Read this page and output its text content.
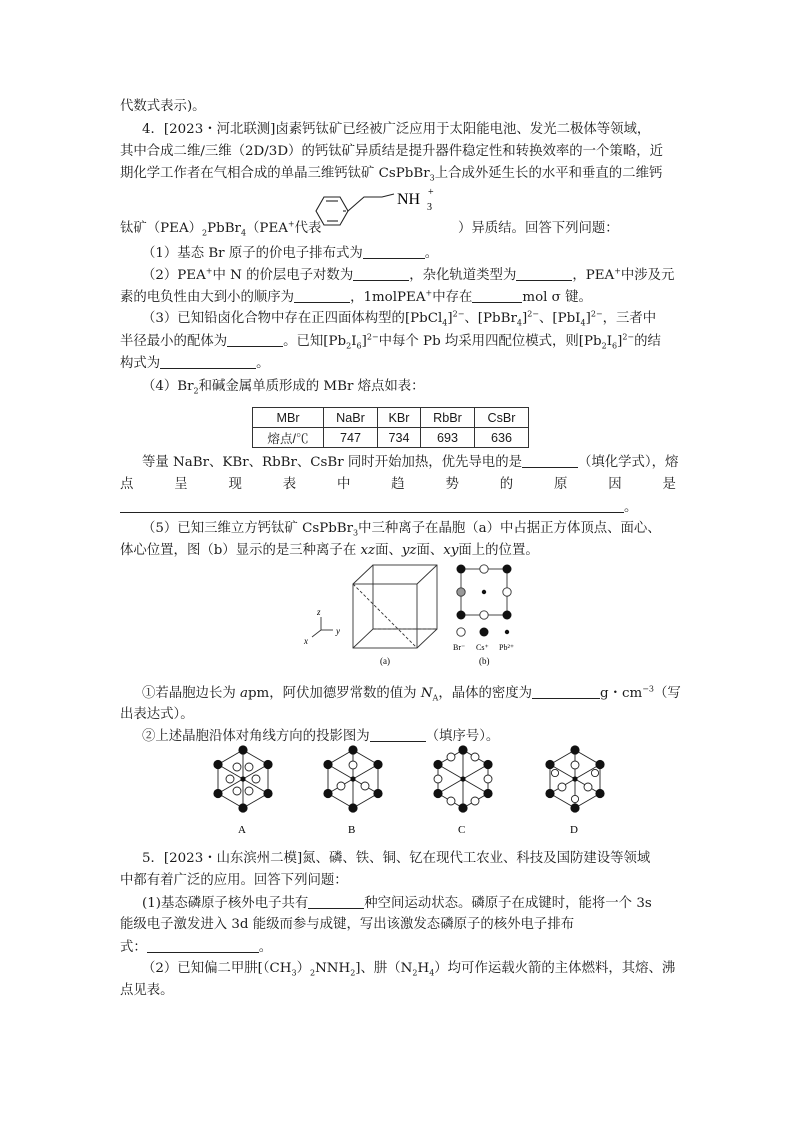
代数式表示)。
4．[2023・河北联测]卤素钙钛矿已经被广泛应用于太阳能电池、发光二极体等领域，
其中合成二维/三维（2D/3D）的钙钛矿异质结是提升器件稳定性和转换效率的一个策略，近
期化学工作者在气相合成的单晶三维钙钛矿 CsPbBr$_3$上合成外延生长的水平和垂直的二维钙
钛矿$(PEA)_2PbBr_4(PEA^+$代表
NH 3
+
）异质结。回答下列问题：
（1）基态 Br 原子的价电子排布式为	。
（2）PEA+中 N 的价层电子对数为	，杂化轨道类型为	，PEA+中涉及元
素的电负性由大到小的顺序为	，1molPEA+中存在	mol σ 键。
（3）已知铅卤化合物中存在正四面体构型的[PbCl$_4$]$^{2-}$、[PbBr$_4$]$^{2-}$、$[PbI_4]^{2-}$，三者中
半径最小的配体为	。已知$[Pb_2I_6]^{2-}$中每个 Pb 均采用四配位模式，则$[Pb_2I_6]^{2-}$的结
构式为	。
$(4)Br_2$和碱金属单质形成的 MBr 熔点如表：
MBr	NaBr	KBr	RbBr	CsBr
熔点/℃	747	734	693	636
等量 NaBr、KBr、RbBr、CsBr 同时开始加热，优先导电的是	（填化学式），熔
点	呈	现	表	中	趋	势	的	原	因	是
。
（5）已知三维立方钙钛矿 CsPbBr$_3$中三种离子在晶胞（a）中占据正方体顶点、面心、
体心位置，图（b）显示的是三种离子在 xz面、yz面、xy面上的位置。
z
x
y
(a)
Br⁻ Cs⁺ Pb²⁺
(b)
①若晶胞边长为 apm，阿伏加德罗常数的值为 $N_A$，晶体的密度为	g・$cm^{-3}$（写
出表达式）。
②上述晶胞沿体对角线方向的投影图为	（填序号）。
A	B	C	D
5．[2023・山东滨州二模]氮、磷、铁、铜、钇在现代工农业、科技及国防建设等领域
中都有着广泛的应用。回答下列问题：
(1)基态磷原子核外电子共有	种空间运动状态。磷原子在成键时，能将一个 3s
能级电子激发进入 3d 能级而参与成键，写出该激发态磷原子的核外电子排布
式：	。
（2）已知偏二甲肼$[(CH_3)_2NNH_2]$、肼$(N_2H_4)$均可作运载火箭的主体燃料，其熔、沸
点见表。
